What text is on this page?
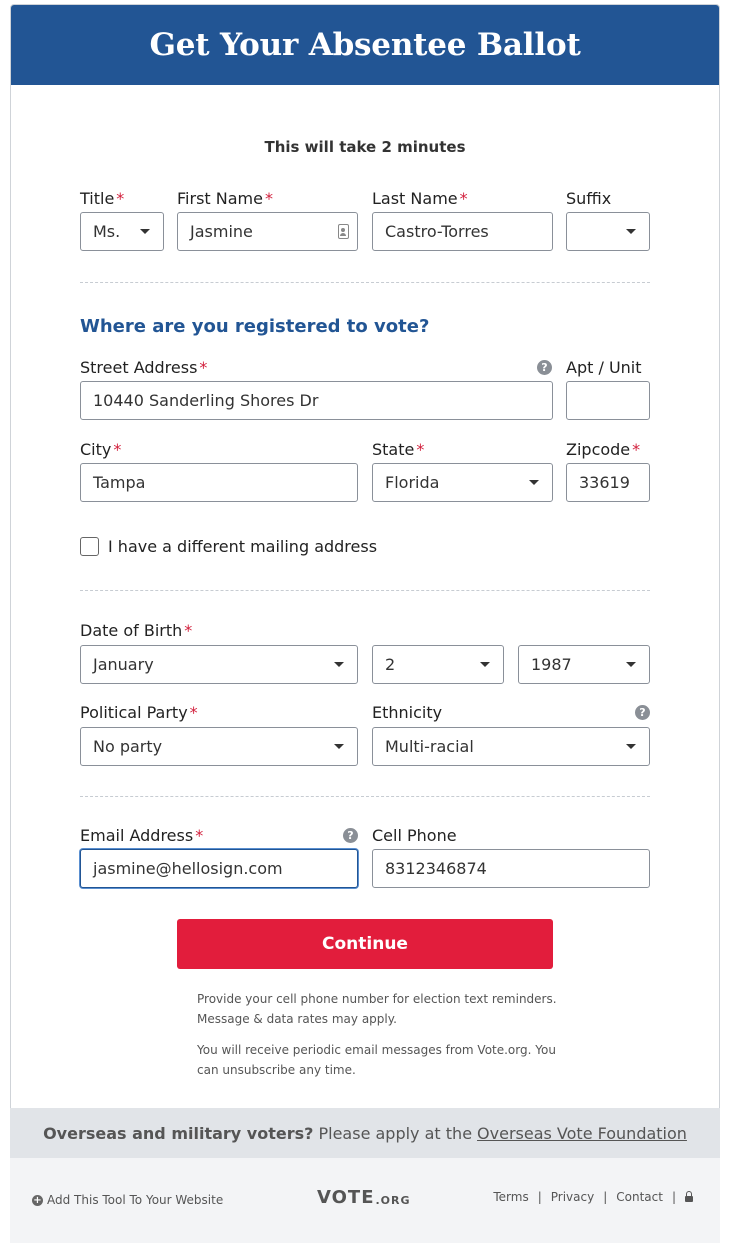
Get Your Absentee Ballot
This will take 2 minutes
Title *
Ms.
First Name *
Jasmine
Last Name *
Castro-Torres
Suffix
Where are you registered to vote?
Street Address *	?
10440 Sanderling Shores Dr
Apt / Unit
City *
Tampa
State *
Florida
Zipcode *
33619
I have a different mailing address
Date of Birth *
January	2	1987
Political Party *
No party
Ethnicity	?
Multi-racial
Email Address *	?
jasmine@hellosign.com
Cell Phone
8312346874
Continue
Provide your cell phone number for election text reminders. Message & data rates may apply.
You will receive periodic email messages from Vote.org. You can unsubscribe any time.
Overseas and military voters?
Please apply at the Overseas Vote Foundation
+ Add This Tool To Your Website	VOTE .ORG	Terms | Privacy | Contact |
